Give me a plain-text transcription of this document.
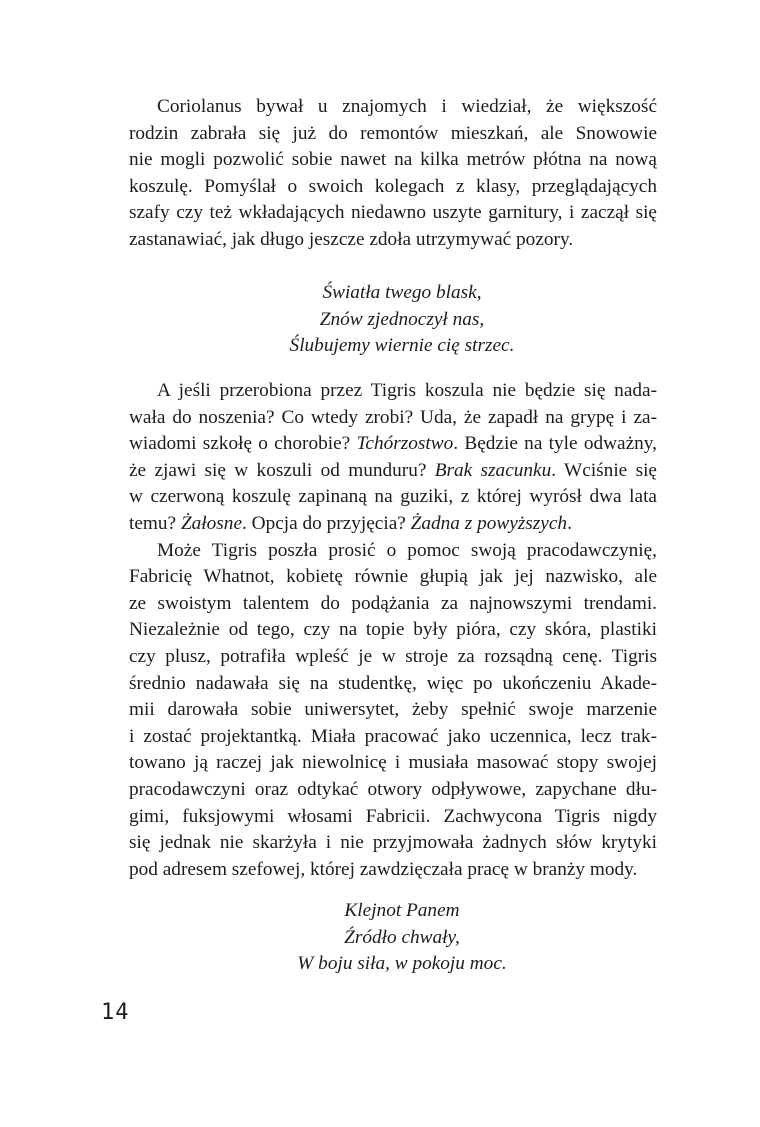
Coriolanus bywał u znajomych i wiedział, że większość
rodzin zabrała się już do remontów mieszkań, ale Snowowie
nie mogli pozwolić sobie nawet na kilka metrów płótna na nową
koszulę. Pomyślał o swoich kolegach z klasy, przeglądających
szafy czy też wkładających niedawno uszyte garnitury, i zaczął się
zastanawiać, jak długo jeszcze zdoła utrzymywać pozory.
Światła twego blask,
Znów zjednoczył nas,
Ślubujemy wiernie cię strzec.
A jeśli przerobiona przez Tigris koszula nie będzie się nada-
wała do noszenia? Co wtedy zrobi? Uda, że zapadł na grypę i za-
wiadomi szkołę o chorobie? Tchórzostwo. Będzie na tyle odważny,
że zjawi się w koszuli od munduru? Brak szacunku. Wciśnie się
w czerwoną koszulę zapinaną na guziki, z której wyrósł dwa lata
temu? Żałosne. Opcja do przyjęcia? Żadna z powyższych.
Może Tigris poszła prosić o pomoc swoją pracodawczynię,
Fabricię Whatnot, kobietę równie głupią jak jej nazwisko, ale
ze swoistym talentem do podążania za najnowszymi trendami.
Niezależnie od tego, czy na topie były pióra, czy skóra, plastiki
czy plusz, potrafiła wpleść je w stroje za rozsądną cenę. Tigris
średnio nadawała się na studentkę, więc po ukończeniu Akade-
mii darowała sobie uniwersytet, żeby spełnić swoje marzenie
i zostać projektantką. Miała pracować jako uczennica, lecz trak-
towano ją raczej jak niewolnicę i musiała masować stopy swojej
pracodawczyni oraz odtykać otwory odpływowe, zapychane dłu-
gimi, fuksjowymi włosami Fabricii. Zachwycona Tigris nigdy
się jednak nie skarżyła i nie przyjmowała żadnych słów krytyki
pod adresem szefowej, której zawdzięczała pracę w branży mody.
Klejnot Panem
Źródło chwały,
W boju siła, w pokoju moc.
14
